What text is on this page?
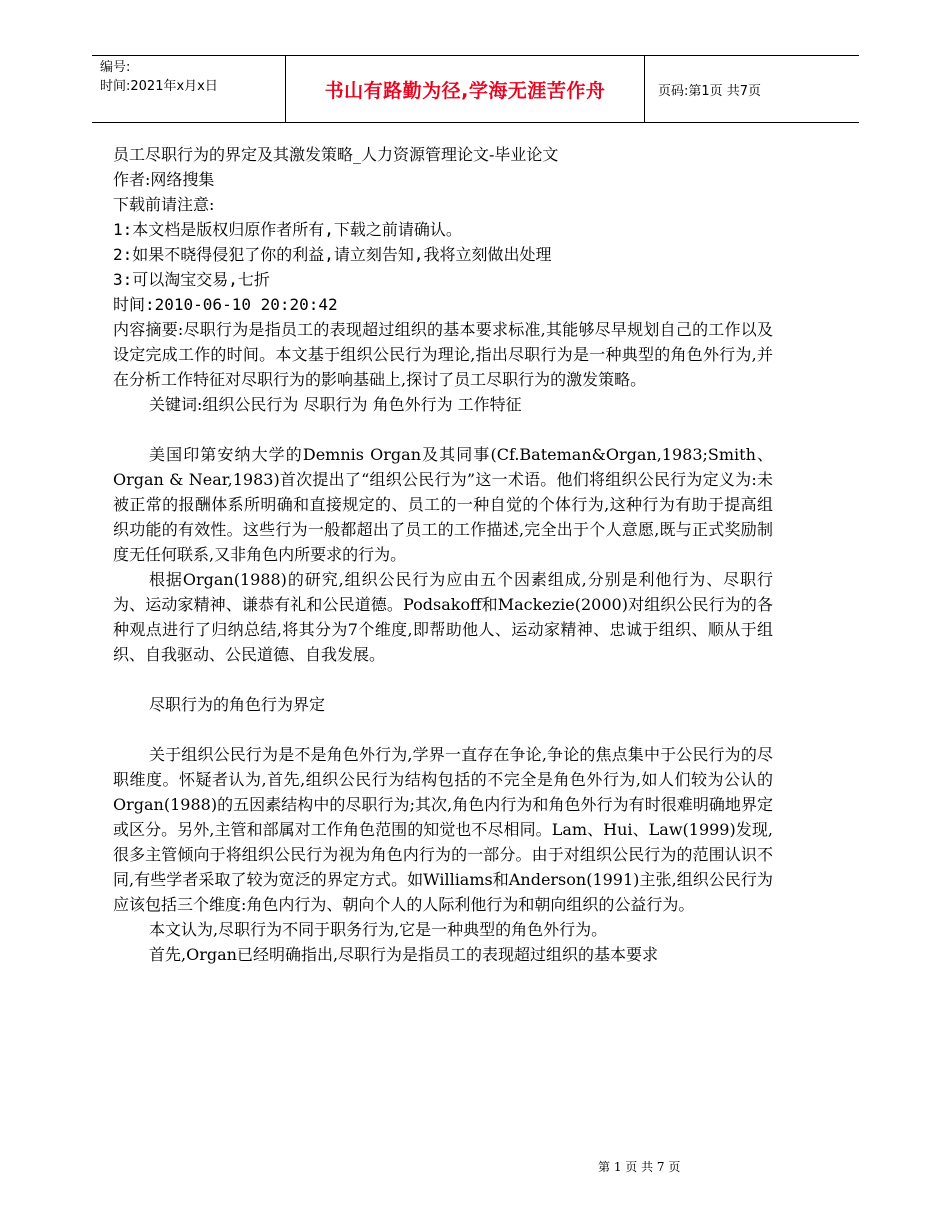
编号:
时间:2021年x月x日	书山有路勤为径,学海无涯苦作舟	页码:第1页 共7页

员工尽职行为的界定及其激发策略_人力资源管理论文-毕业论文

作者:网络搜集

下载前请注意:

1:本文档是版权归原作者所有,下载之前请确认。

2:如果不晓得侵犯了你的利益,请立刻告知,我将立刻做出处理

3:可以淘宝交易,七折

时间:2010-06-10 20:20:42

内容摘要:尽职行为是指员工的表现超过组织的基本要求标准,其能够尽早规划自己的工作以及设定完成工作的时间。本文基于组织公民行为理论,指出尽职行为是一种典型的角色外行为,并在分析工作特征对尽职行为的影响基础上,探讨了员工尽职行为的激发策略。

关键词:组织公民行为 尽职行为 角色外行为 工作特征

美国印第安纳大学的Demnis Organ及其同事(Cf.Bateman&Organ,1983;Smith、Organ & Near,1983)首次提出了“组织公民行为”这一术语。他们将组织公民行为定义为:未被正常的报酬体系所明确和直接规定的、员工的一种自觉的个体行为,这种行为有助于提高组织功能的有效性。这些行为一般都超出了员工的工作描述,完全出于个人意愿,既与正式奖励制度无任何联系,又非角色内所要求的行为。

根据Organ(1988)的研究,组织公民行为应由五个因素组成,分别是利他行为、尽职行为、运动家精神、谦恭有礼和公民道德。Podsakoff和Mackezie(2000)对组织公民行为的各种观点进行了归纳总结,将其分为7个维度,即帮助他人、运动家精神、忠诚于组织、顺从于组织、自我驱动、公民道德、自我发展。

尽职行为的角色行为界定

关于组织公民行为是不是角色外行为,学界一直存在争论,争论的焦点集中于公民行为的尽职维度。怀疑者认为,首先,组织公民行为结构包括的不完全是角色外行为,如人们较为公认的Organ(1988)的五因素结构中的尽职行为;其次,角色内行为和角色外行为有时很难明确地界定或区分。另外,主管和部属对工作角色范围的知觉也不尽相同。Lam、Hui、Law(1999)发现,很多主管倾向于将组织公民行为视为角色内行为的一部分。由于对组织公民行为的范围认识不同,有些学者采取了较为宽泛的界定方式。如Williams和Anderson(1991)主张,组织公民行为应该包括三个维度:角色内行为、朝向个人的人际利他行为和朝向组织的公益行为。

本文认为,尽职行为不同于职务行为,它是一种典型的角色外行为。

首先,Organ已经明确指出,尽职行为是指员工的表现超过组织的基本要求

第 1 页 共 7 页
